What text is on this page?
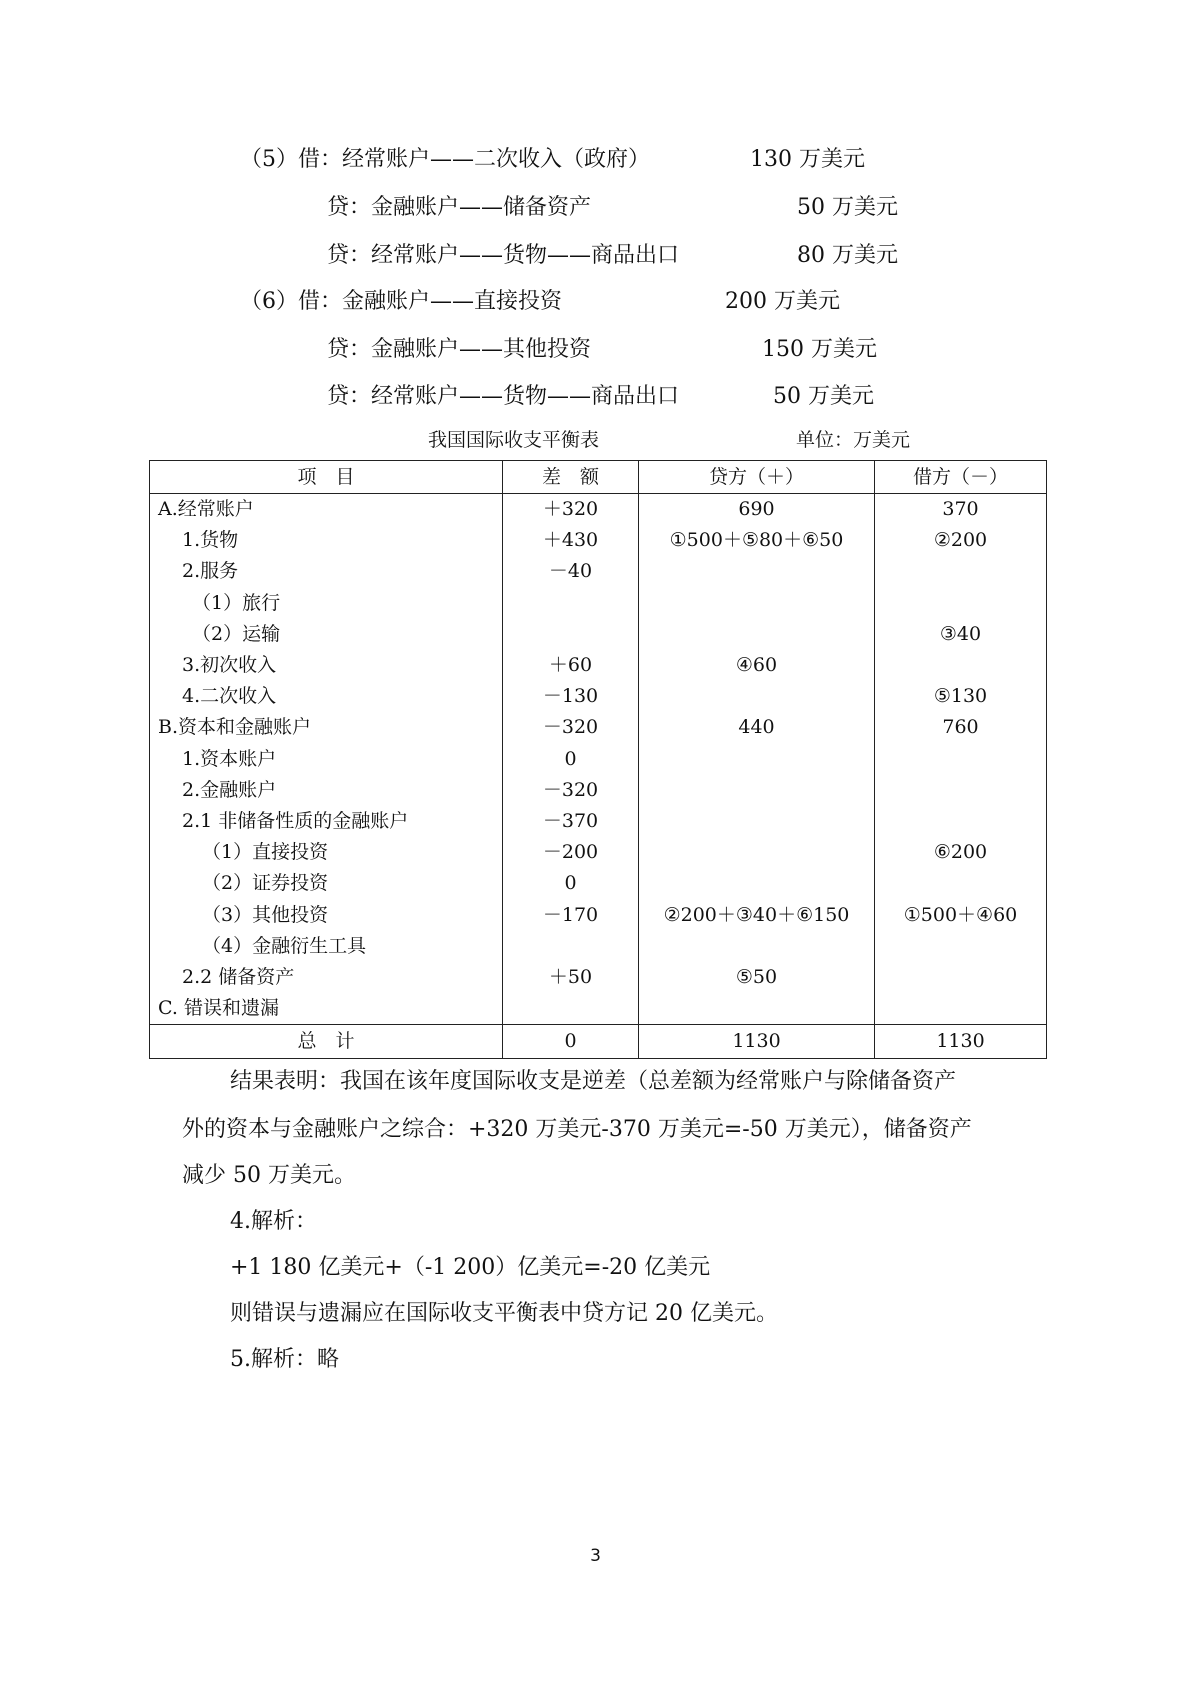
（5）借：经常账户——二次收入（政府）	130 万美元
贷：金融账户——储备资产	50 万美元
贷：经常账户——货物——商品出口	80 万美元
（6）借：金融账户——直接投资	200 万美元
贷：金融账户——其他投资	150 万美元
贷：经常账户——货物——商品出口	50 万美元
我国国际收支平衡表	单位：万美元
项　目	差　额	贷方（＋）	借方（－）
A.经常账户	＋320	690	370
1.货物	＋430	①500＋⑤80＋⑥50	②200
2.服务	－40		
（1）旅行			
（2）运输			③40
3.初次收入	＋60	④60	
4.二次收入	－130		⑤130
B.资本和金融账户	－320	440	760
1.资本账户	0		
2.金融账户	－320		
2.1 非储备性质的金融账户	－370		
（1）直接投资	－200		⑥200
（2）证券投资	0		
（3）其他投资	－170	②200＋③40＋⑥150	①500＋④60
（4）金融衍生工具			
2.2 储备资产	＋50	⑤50	
C. 错误和遗漏			
总　计	0	1130	1130
结果表明：我国在该年度国际收支是逆差（总差额为经常账户与除储备资产
外的资本与金融账户之综合：+320 万美元-370 万美元=-50 万美元），储备资产
减少 50 万美元。
4.解析：
+1 180 亿美元+（-1 200）亿美元=-20 亿美元
则错误与遗漏应在国际收支平衡表中贷方记 20 亿美元。
5.解析：略
3
